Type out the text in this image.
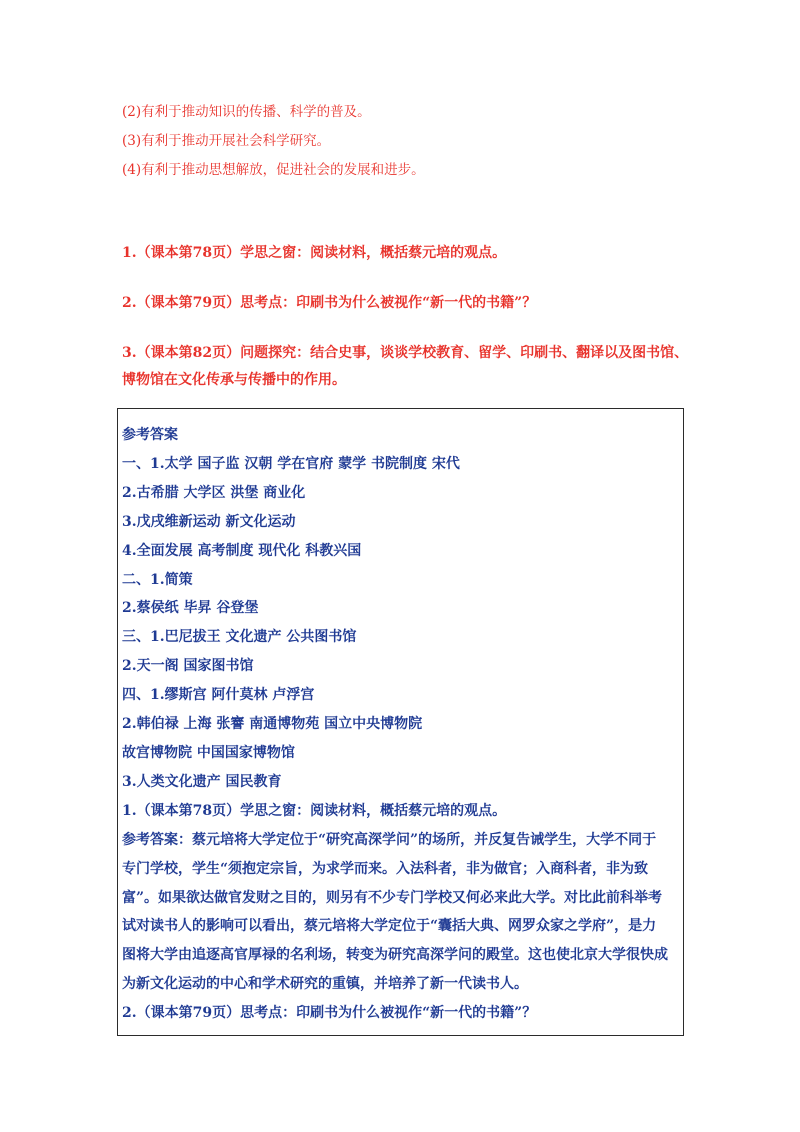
(2)有利于推动知识的传播、科学的普及。
(3)有利于推动开展社会科学研究。
(4)有利于推动思想解放，促进社会的发展和进步。
1.（课本第78页）学思之窗：阅读材料，概括蔡元培的观点。
2.（课本第79页）思考点：印刷书为什么被视作“新一代的书籍”？
3.（课本第82页）问题探究：结合史事，谈谈学校教育、留学、印刷书、翻译以及图书馆、
博物馆在文化传承与传播中的作用。
参考答案
一、1.太学 国子监 汉朝 学在官府 蒙学 书院制度 宋代
2.古希腊 大学区 洪堡 商业化
3.戊戌维新运动 新文化运动
4.全面发展 高考制度 现代化 科教兴国
二、1.简策
2.蔡侯纸 毕昇 谷登堡
三、1.巴尼拔王 文化遗产 公共图书馆
2.天一阁 国家图书馆
四、1.缪斯宫 阿什莫林 卢浮宫
2.韩伯禄 上海 张謇 南通博物苑 国立中央博物院
故宫博物院 中国国家博物馆
3.人类文化遗产 国民教育
1.（课本第78页）学思之窗：阅读材料，概括蔡元培的观点。
参考答案：蔡元培将大学定位于“研究高深学问”的场所，并反复告诫学生，大学不同于
专门学校，学生“须抱定宗旨，为求学而来。入法科者，非为做官；入商科者，非为致
富”。如果欲达做官发财之目的，则另有不少专门学校又何必来此大学。对比此前科举考
试对读书人的影响可以看出，蔡元培将大学定位于“囊括大典、网罗众家之学府”，是力
图将大学由追逐高官厚禄的名利场，转变为研究高深学问的殿堂。这也使北京大学很快成
为新文化运动的中心和学术研究的重镇，并培养了新一代读书人。
2.（课本第79页）思考点：印刷书为什么被视作“新一代的书籍”？
